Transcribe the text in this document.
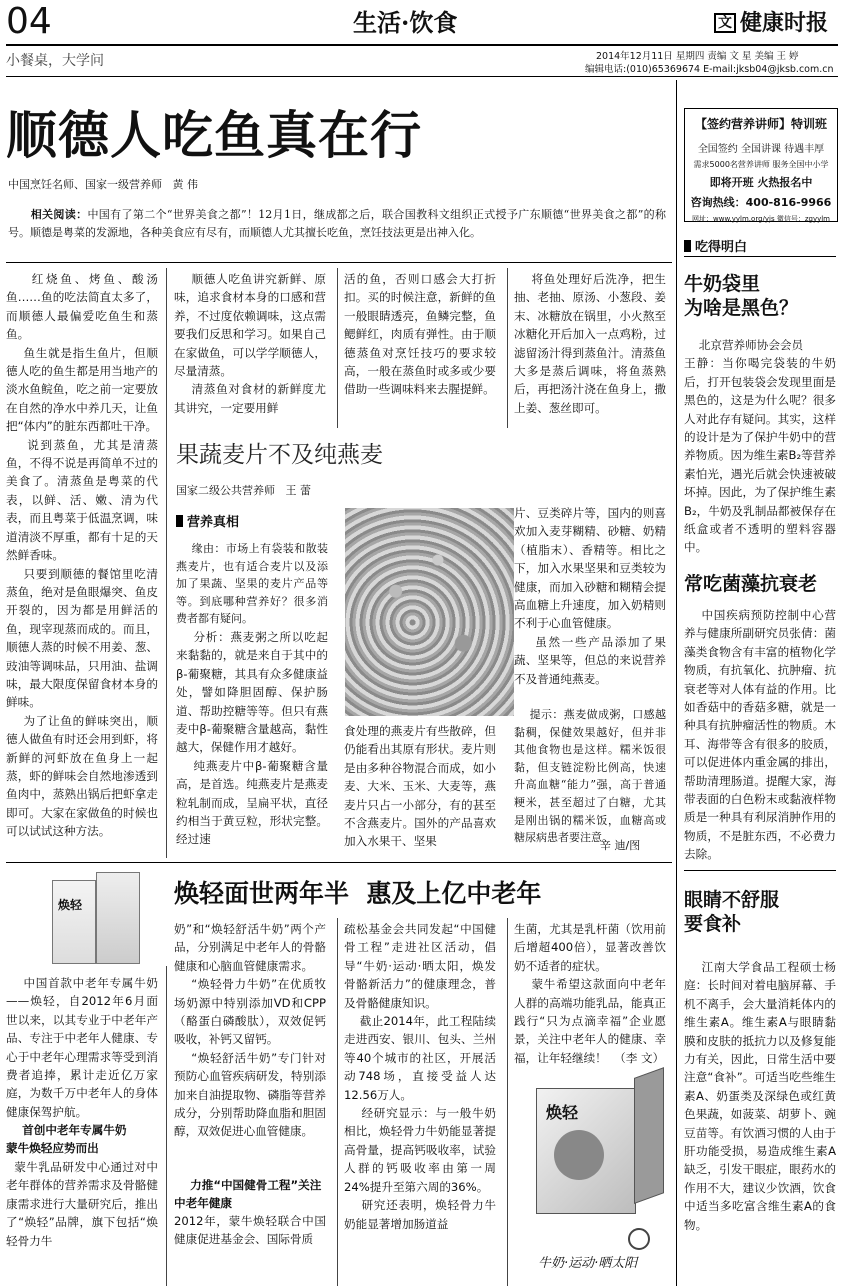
04	生活·饮食	文 健康时报
小餐桌，大学问	2014年12月11日 星期四 责编 文 星 美编 王 婷
编辑电话:(010)65369674 E-mail:jksb04@jksb.com.cn
顺德人吃鱼真在行
中国烹饪名师、国家一级营养师   黄 伟
　　相关阅读：中国有了第二个“世界美食之都”！12月1日，继成都之后，联合国教科文组织正式授予广东顺德“世界美食之都”的称号。顺德是粤菜的发源地，各种美食应有尽有，而顺德人尤其擅长吃鱼，烹饪技法更是出神入化。

红烧鱼、烤鱼、酸汤鱼……鱼的吃法简直太多了，而顺德人最偏爱吃鱼生和蒸鱼。
鱼生就是指生鱼片，但顺德人吃的鱼生都是用当地产的淡水鱼鲩鱼，吃之前一定要放在自然的净水中养几天，让鱼把“体内”的脏东西都吐干净。
说到蒸鱼，尤其是清蒸鱼，不得不说是再简单不过的美食了。清蒸鱼是粤菜的代表，以鲜、活、嫩、清为代表，而且粤菜于低温烹调，味道清淡不厚重，都有十足的天然鲜香味。
只要到顺德的餐馆里吃清蒸鱼，绝对是鱼眼爆突、鱼皮开裂的，因为都是用鲜活的鱼，现宰现蒸而成的。而且，顺德人蒸的时候不用姜、葱、豉油等调味品，只用油、盐调味，最大限度保留食材本身的鲜味。
为了让鱼的鲜味突出，顺德人做鱼有时还会用到虾，将新鲜的河虾放在鱼身上一起蒸，虾的鲜味会自然地渗透到鱼肉中，蒸熟出锅后把虾拿走即可。大家在家做鱼的时候也可以试试这种方法。

顺德人吃鱼讲究新鲜、原味，追求食材本身的口感和营养，不过度依赖调味，这点需要我们反思和学习。如果自己在家做鱼，可以学学顺德人，尽量清蒸。
清蒸鱼对食材的新鲜度尤其讲究，一定要用鲜

活的鱼，否则口感会大打折扣。买的时候注意，新鲜的鱼一般眼睛透亮，鱼鳞完整，鱼鳃鲜红，肉质有弹性。由于顺德蒸鱼对烹饪技巧的要求较高，一般在蒸鱼时或多或少要借助一些调味料来去腥提鲜。

将鱼处理好后洗净，把生抽、老抽、原汤、小葱段、姜末、冰糖放在锅里，小火熬至冰糖化开后加入一点鸡粉，过滤留汤汁得到蒸鱼汁。清蒸鱼大多是蒸后调味，将鱼蒸熟后，再把汤汁浇在鱼身上，撒上姜、葱丝即可。

果蔬麦片不及纯燕麦
国家二级公共营养师   王 蕾
营养真相

缘由：市场上有袋装和散装燕麦片，也有适合麦片以及添加了果蔬、坚果的麦片产品等等。到底哪种营养好？很多消费者都有疑问。

分析：燕麦粥之所以吃起来黏黏的，就是来自于其中的β-葡聚糖，其具有众多健康益处，譬如降胆固醇、保护肠道、帮助控糖等等。但只有燕麦中β-葡聚糖含量越高，黏性越大，保健作用才越好。
纯燕麦片中β-葡聚糖含量高，是首选。纯燕麦片是燕麦粒轧制而成，呈扁平状，直径约相当于黄豆粒，形状完整。经过速

食处理的燕麦片有些散碎，但仍能看出其原有形状。麦片则是由多种谷物混合而成，如小麦、大米、玉米、大麦等，燕麦片只占一小部分，有的甚至不含燕麦片。国外的产品喜欢加入水果干、坚果

片、豆类碎片等，国内的则喜欢加入麦芽糊精、砂糖、奶精（植脂末）、香精等。相比之下，加入水果坚果和豆类较为健康，而加入砂糖和糊精会提高血糖上升速度，加入奶精则不利于心血管健康。
虽然一些产品添加了果蔬、坚果等，但总的来说营养不及普通纯燕麦。

提示：燕麦做成粥，口感越黏稠，保健效果越好，但并非其他食物也是这样。糯米饭很黏，但支链淀粉比例高，快速升高血糖“能力”强，高于普通粳米，甚至超过了白糖，尤其是刚出锅的糯米饭，血糖高或糖尿病患者要注意。

辛 迪/图
焕轻	焕轻面世两年半  惠及上亿中老年

中国首款中老年专属牛奶——焕轻，自2012年6月面世以来，以其专业于中老年产品、专注于中老年人健康、专心于中老年心理需求等受到消费者追捧，累计走近亿万家庭，为数千万中老年人的身体健康保驾护航。

首创中老年专属牛奶
蒙牛焕轻应势而出

蒙牛乳品研发中心通过对中老年群体的营养需求及骨骼健康需求进行大量研究后，推出了“焕轻”品牌，旗下包括“焕轻骨力牛

奶”和“焕轻舒活牛奶”两个产品，分别满足中老年人的骨骼健康和心脑血管健康需求。
“焕轻骨力牛奶”在优质牧场奶源中特别添加VD和CPP（酪蛋白磷酸肽），双效促钙吸收，补钙又留钙。
“焕轻舒活牛奶”专门针对预防心血管疾病研发，特别添加来自油提取物、磷脂等营养成分，分别帮助降血脂和胆固醇，双效促进心血管健康。

力推“中国健骨工程”关注中老年健康

2012年，蒙牛焕轻联合中国健康促进基金会、国际骨质

疏松基金会共同发起“中国健骨工程”走进社区活动，倡导“牛奶·运动·晒太阳，焕发骨骼新活力”的健康理念，普及骨骼健康知识。
截止2014年，此工程陆续走进西安、银川、包头、兰州等40个城市的社区，开展活动748场，直接受益人达12.56万人。
经研究显示：与一般牛奶相比，焕轻骨力牛奶能显著提高骨量，提高钙吸收率，试验人群的钙吸收率由第一周24%提升至第六周的36%。
研究还表明，焕轻骨力牛奶能显著增加肠道益

生菌，尤其是乳杆菌（饮用前后增超400倍），显著改善饮奶不适者的症状。
蒙牛希望这款面向中老年人群的高端功能乳品，能真正践行“只为点滴幸福”企业愿景，关注中老年人的健康、幸福，让年轻继续！  （李 文）

焕轻
牛奶·运动·晒太阳
【签约营养讲师】特训班
全国签约 全国讲课 待遇丰厚
需求5000名营养讲师 服务全国中小学
即将开班 火热报名中
咨询热线：400-816-9966
网址：www.yylm.org/yjs 微信号：zgyylm
吃得明白
牛奶袋里
为啥是黑色？

北京营养师协会会员
王静：当你喝完袋装的牛奶后，打开包装袋会发现里面是黑色的，这是为什么呢？很多人对此存有疑问。其实，这样的设计是为了保护牛奶中的营养物质。因为维生素B₂等营养素怕光，遇光后就会快速被破坏掉。因此，为了保护维生素B₂，牛奶及乳制品都被保存在纸盒或者不透明的塑料容器中。

常吃菌藻抗衰老

中国疾病预防控制中心营养与健康所副研究员张倩：菌藻类食物含有丰富的植物化学物质，有抗氧化、抗肿瘤、抗衰老等对人体有益的作用。比如香菇中的香菇多糖，就是一种具有抗肿瘤活性的物质。木耳、海带等含有很多的胶质，可以促进体内重金属的排出，帮助清理肠道。提醒大家，海带表面的白色粉末或黏液样物质是一种具有利尿消肿作用的物质，不是脏东西，不必费力去除。

眼睛不舒服
要食补

江南大学食品工程硕士杨庭：长时间对着电脑屏幕、手机不离手，会大量消耗体内的维生素A。维生素A与眼睛黏膜和皮肤的抵抗力以及修复能力有关，因此，日常生活中要注意“食补”。可适当吃些维生素A、奶蛋类及深绿色或红黄色果蔬，如菠菜、胡萝卜、豌豆苗等。有饮酒习惯的人由于肝功能受损，易造成维生素A缺乏，引发干眼症，眼药水的作用不大，建议少饮酒，饮食中适当多吃富含维生素A的食物。
